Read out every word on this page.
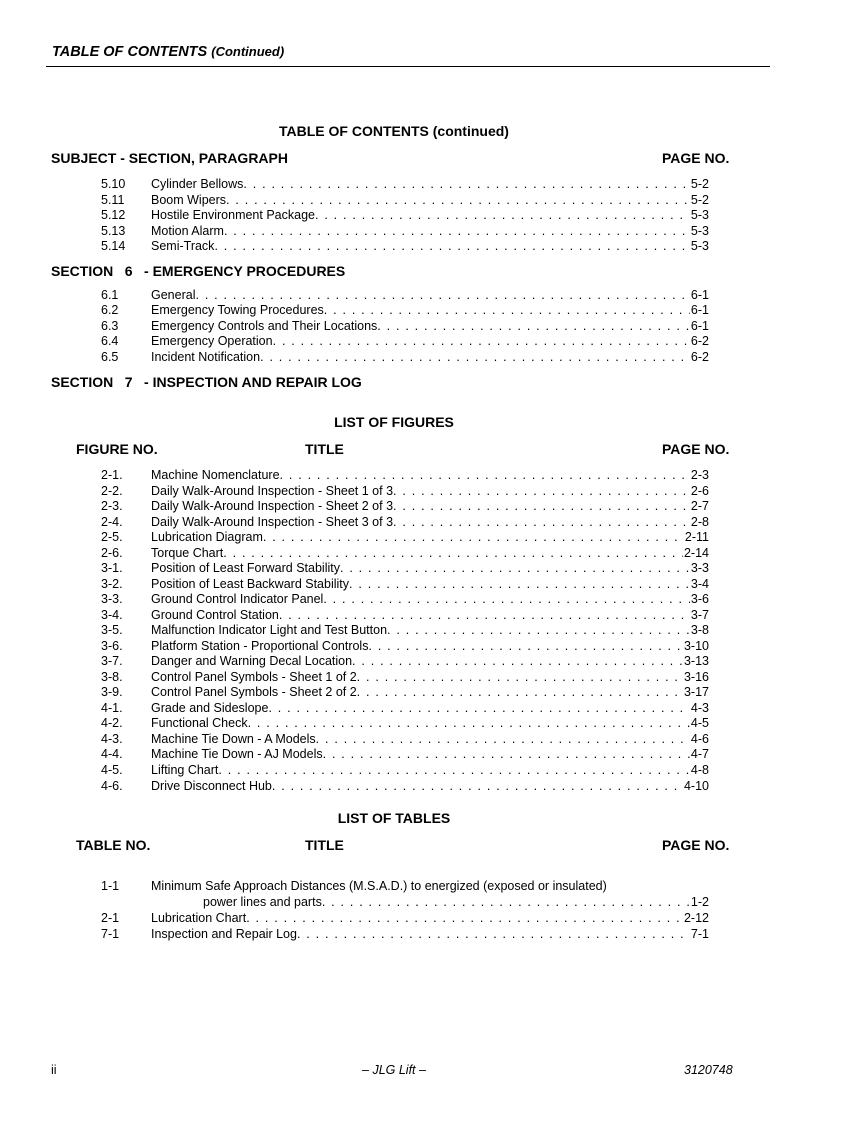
TABLE OF CONTENTS (Continued)
TABLE OF CONTENTS (continued)
SUBJECT - SECTION, PARAGRAPH	PAGE NO.
5.10 Cylinder Bellows . . .	5-2
5.11 Boom Wipers . . .	5-2
5.12 Hostile Environment Package . . .	5-3
5.13 Motion Alarm . . .	5-3
5.14 Semi-Track . . .	5-3
SECTION 6 - EMERGENCY PROCEDURES
6.1	General . . .	6-1
6.2	Emergency Towing Procedures . . .	6-1
6.3	Emergency Controls and Their Locations . . .	6-1
6.4	Emergency Operation . . .	6-2
6.5	Incident Notification . . .	6-2
SECTION 7 - INSPECTION AND REPAIR LOG
LIST OF FIGURES
FIGURE NO.	TITLE	PAGE NO.
2-1. Machine Nomenclature . . .	2-3
2-2. Daily Walk-Around Inspection - Sheet 1 of 3 . . .	2-6
2-3. Daily Walk-Around Inspection - Sheet 2 of 3 . . .	2-7
2-4. Daily Walk-Around Inspection - Sheet 3 of 3 . . .	2-8
2-5. Lubrication Diagram . . .	2-11
2-6. Torque Chart . . .	2-14
3-1. Position of Least Forward Stability . . .	3-3
3-2. Position of Least Backward Stability . . .	3-4
3-3. Ground Control Indicator Panel . . .	3-6
3-4. Ground Control Station . . .	3-7
3-5. Malfunction Indicator Light and Test Button . . .	3-8
3-6. Platform Station - Proportional Controls . . .	3-10
3-7. Danger and Warning Decal Location . . .	3-13
3-8. Control Panel Symbols - Sheet 1 of 2 . . .	3-16
3-9. Control Panel Symbols - Sheet 2 of 2 . . .	3-17
4-1. Grade and Sideslope . . .	4-3
4-2. Functional Check . . .	4-5
4-3. Machine Tie Down - A Models . . .	4-6
4-4. Machine Tie Down - AJ Models . . .	4-7
4-5. Lifting Chart . . .	4-8
4-6. Drive Disconnect Hub . . .	4-10
LIST OF TABLES
TABLE NO.	TITLE	PAGE NO.
1-1	Minimum Safe Approach Distances (M.S.A.D.) to energized (exposed or insulated)
power lines and parts . . .	1-2
2-1	Lubrication Chart . . .	2-12
7-1	Inspection and Repair Log . . .	7-1
ii	– JLG Lift –	3120748
